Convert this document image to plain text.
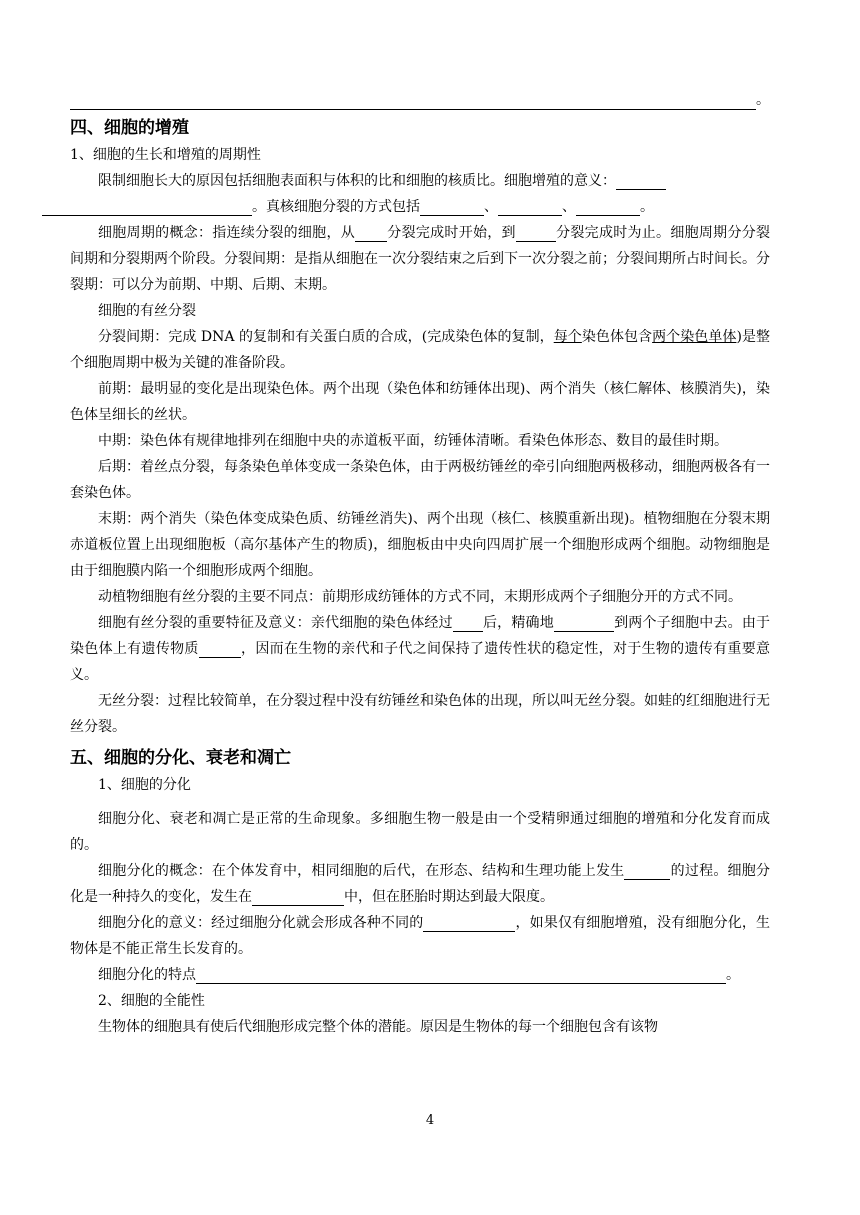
。
四、细胞的增殖

1、细胞的生长和增殖的周期性

限制细胞长大的原因包括细胞表面积与体积的比和细胞的核质比。细胞增殖的意义：
。真核细胞分裂的方式包括	、	、	。

细胞周期的概念：指连续分裂的细胞，从 分裂完成时开始，到	分裂完成时为止。细胞周期分分裂间期和分裂期两个阶段。分裂间期：是指从细胞在一次分裂结束之后到下一次分裂之前；分裂间期所占时间长。分裂期：可以分为前期、中期、后期、末期。

细胞的有丝分裂

分裂间期：完成 DNA 的复制和有关蛋白质的合成，(完成染色体的复制，每个染色体包含两个染色单体)是整个细胞周期中极为关键的准备阶段。

前期：最明显的变化是出现染色体。两个出现（染色体和纺锤体出现)、两个消失（核仁解体、核膜消失)，染色体呈细长的丝状。

中期：染色体有规律地排列在细胞中央的赤道板平面，纺锤体清晰。看染色体形态、数目的最佳时期。

后期：着丝点分裂，每条染色单体变成一条染色体，由于两极纺锤丝的牵引向细胞两极移动，细胞两极各有一套染色体。

末期：两个消失（染色体变成染色质、纺锤丝消失)、两个出现（核仁、核膜重新出现)。植物细胞在分裂末期赤道板位置上出现细胞板（高尔基体产生的物质)，细胞板由中央向四周扩展一个细胞形成两个细胞。动物细胞是由于细胞膜内陷一个细胞形成两个细胞。

动植物细胞有丝分裂的主要不同点：前期形成纺锤体的方式不同，末期形成两个子细胞分开的方式不同。

细胞有丝分裂的重要特征及意义：亲代细胞的染色体经过 后，精确地	到两个子细胞中去。由于染色体上有遗传物质	，因而在生物的亲代和子代之间保持了遗传性状的稳定性，对于生物的遗传有重要意义。

无丝分裂：过程比较简单，在分裂过程中没有纺锤丝和染色体的出现，所以叫无丝分裂。如蛙的红细胞进行无丝分裂。

五、细胞的分化、衰老和凋亡

1、细胞的分化

细胞分化、衰老和凋亡是正常的生命现象。多细胞生物一般是由一个受精卵通过细胞的增殖和分化发育而成的。

细胞分化的概念：在个体发育中，相同细胞的后代，在形态、结构和生理功能上发生	的过程。细胞分化是一种持久的变化，发生在	中，但在胚胎时期达到最大限度。

细胞分化的意义：经过细胞分化就会形成各种不同的	，如果仅有细胞增殖，没有细胞分化，生物体是不能正常生长发育的。

细胞分化的特点	。

2、细胞的全能性

生物体的细胞具有使后代细胞形成完整个体的潜能。原因是生物体的每一个细胞包含有该物

4
